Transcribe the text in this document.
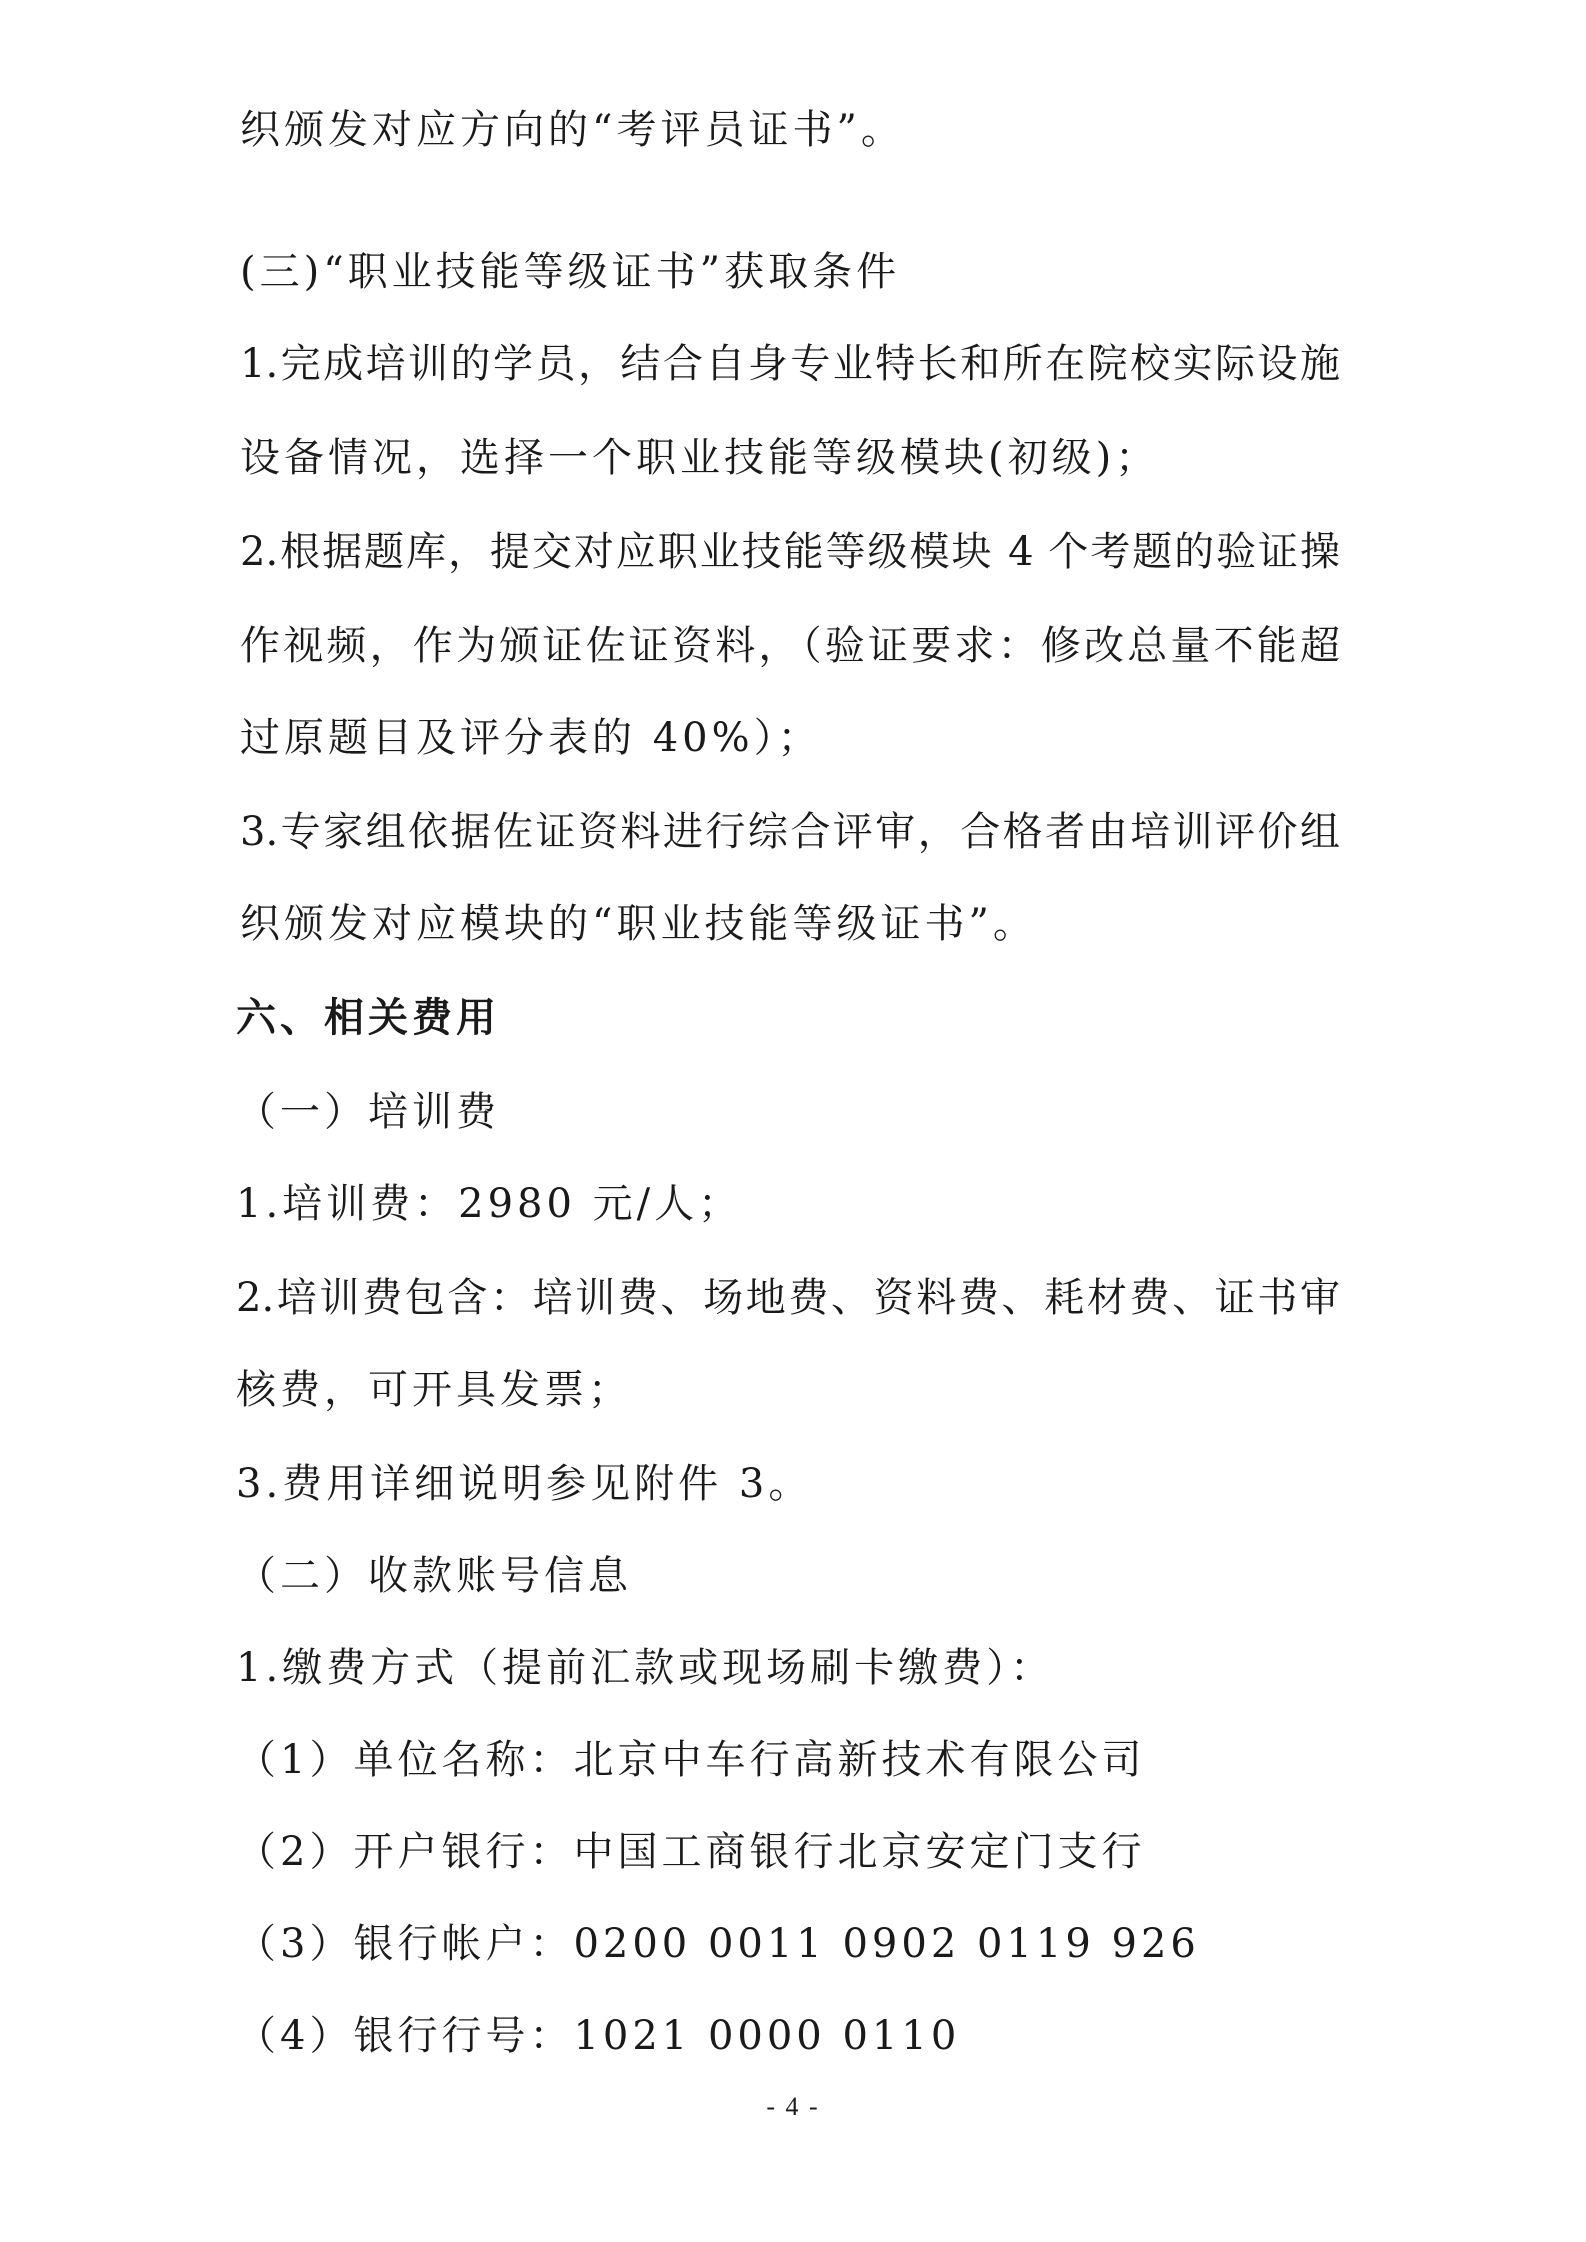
织颁发对应方向的“考评员证书”。
(三)“职业技能等级证书”获取条件
1.完成培训的学员，结合自身专业特长和所在院校实际设施
设备情况，选择一个职业技能等级模块(初级)；
2.根据题库，提交对应职业技能等级模块 4 个考题的验证操
作视频，作为颁证佐证资料，（验证要求：修改总量不能超
过原题目及评分表的 40%）；
3.专家组依据佐证资料进行综合评审，合格者由培训评价组
织颁发对应模块的“职业技能等级证书”。
六、相关费用
（一）培训费
1.培训费：2980 元/人；
2.培训费包含：培训费、场地费、资料费、耗材费、证书审
核费，可开具发票；
3.费用详细说明参见附件 3。
（二）收款账号信息
1.缴费方式（提前汇款或现场刷卡缴费）：
（1）单位名称：北京中车行高新技术有限公司
（2）开户银行：中国工商银行北京安定门支行
（3）银行帐户：0200 0011 0902 0119 926
（4）银行行号：1021 0000 0110
- 4 -
